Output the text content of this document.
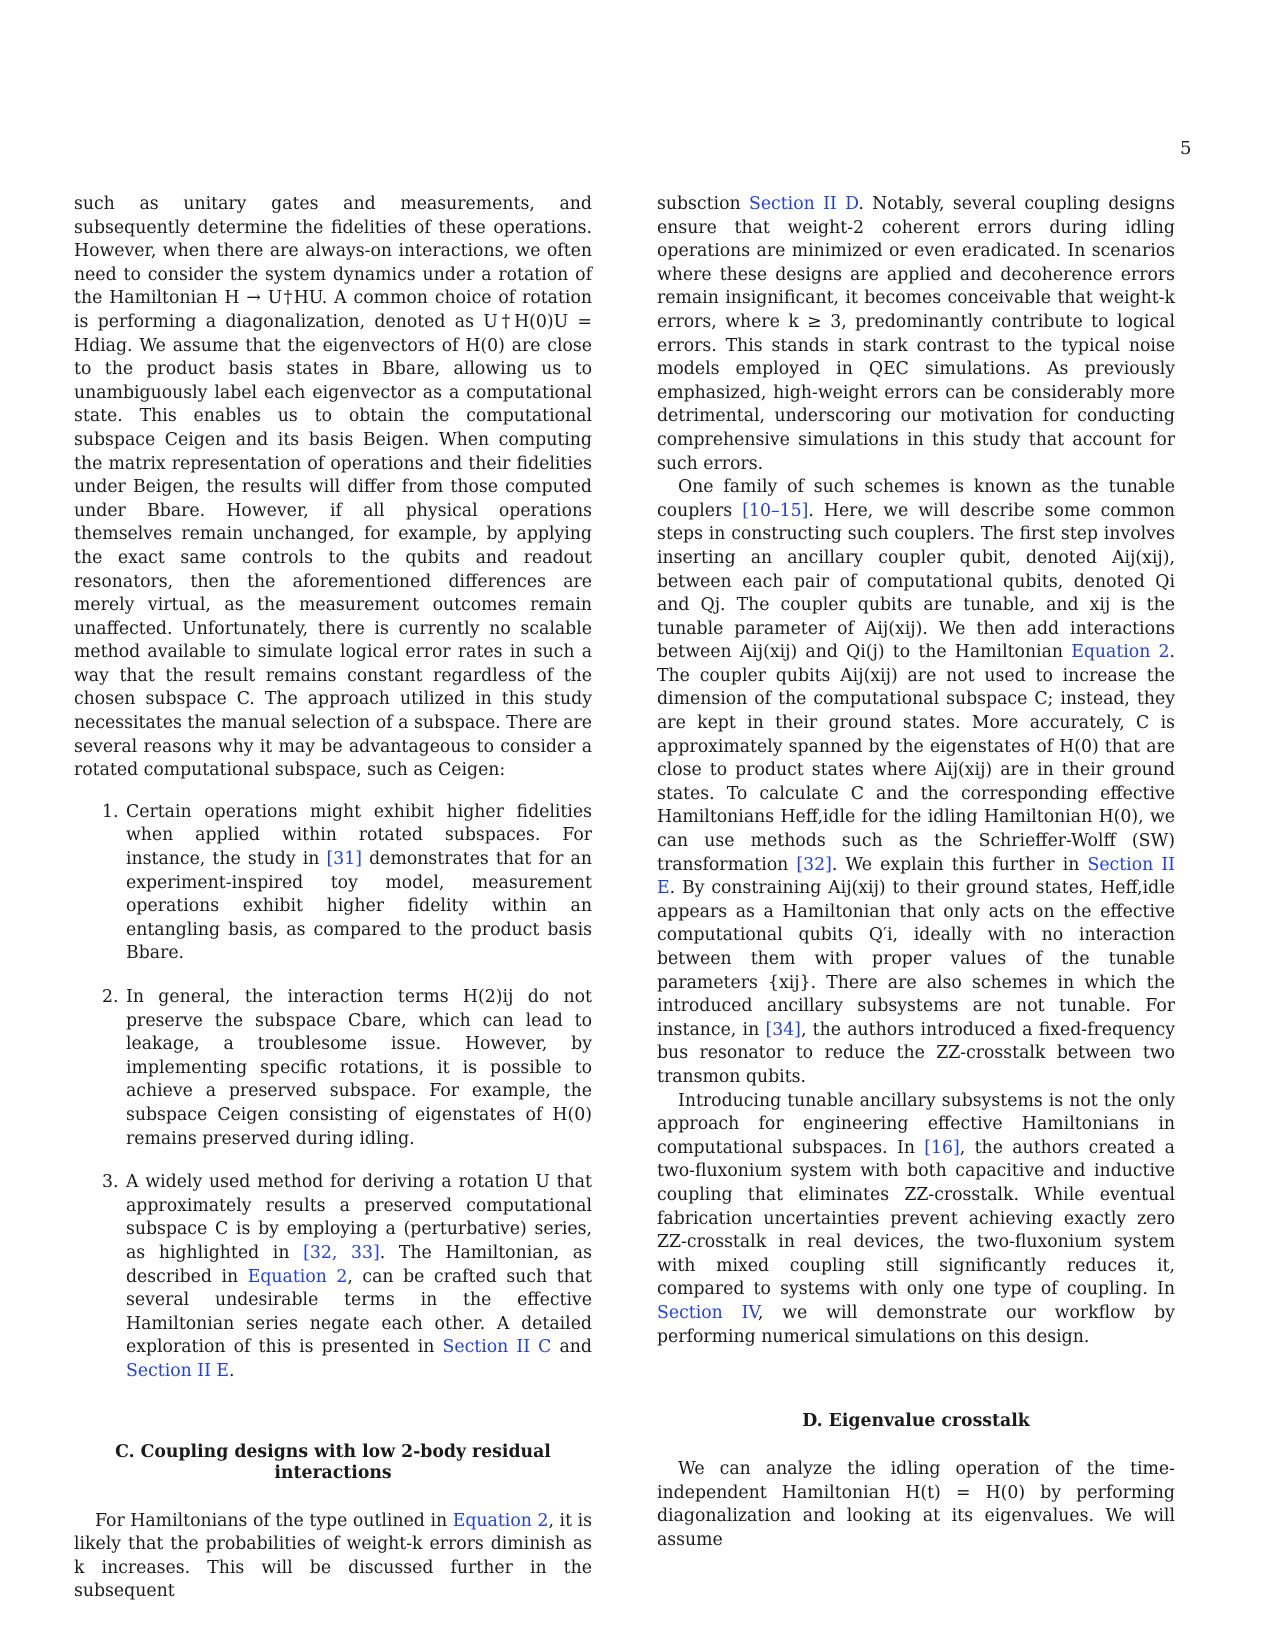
5

such as unitary gates and measurements, and subsequently determine the fidelities of these operations. However, when there are always-on interactions, we often need to consider the system dynamics under a rotation of the Hamiltonian H → U†HU. A common choice of rotation is performing a diagonalization, denoted as U†H(0)U = Hdiag. We assume that the eigenvectors of H(0) are close to the product basis states in Bbare, allowing us to unambiguously label each eigenvector as a computational state. This enables us to obtain the computational subspace Ceigen and its basis Beigen. When computing the matrix representation of operations and their fidelities under Beigen, the results will differ from those computed under Bbare. However, if all physical operations themselves remain unchanged, for example, by applying the exact same controls to the qubits and readout resonators, then the aforementioned differences are merely virtual, as the measurement outcomes remain unaffected. Unfortunately, there is currently no scalable method available to simulate logical error rates in such a way that the result remains constant regardless of the chosen subspace C. The approach utilized in this study necessitates the manual selection of a subspace. There are several reasons why it may be advantageous to consider a rotated computational subspace, such as Ceigen:

1. Certain operations might exhibit higher fidelities when applied within rotated subspaces. For instance, the study in [31] demonstrates that for an experiment-inspired toy model, measurement operations exhibit higher fidelity within an entangling basis, as compared to the product basis Bbare.
2. In general, the interaction terms H(2)ij do not preserve the subspace Cbare, which can lead to leakage, a troublesome issue. However, by implementing specific rotations, it is possible to achieve a preserved subspace. For example, the subspace Ceigen consisting of eigenstates of H(0) remains preserved during idling.
3. A widely used method for deriving a rotation U that approximately results a preserved computational subspace C is by employing a (perturbative) series, as highlighted in [32, 33]. The Hamiltonian, as described in Equation 2, can be crafted such that several undesirable terms in the effective Hamiltonian series negate each other. A detailed exploration of this is presented in Section II C and Section II E.
C. Coupling designs with low 2-body residual interactions

For Hamiltonians of the type outlined in Equation 2, it is likely that the probabilities of weight-k errors diminish as k increases. This will be discussed further in the subsequent

subsction Section II D. Notably, several coupling designs ensure that weight-2 coherent errors during idling operations are minimized or even eradicated. In scenarios where these designs are applied and decoherence errors remain insignificant, it becomes conceivable that weight-k errors, where k ≥ 3, predominantly contribute to logical errors. This stands in stark contrast to the typical noise models employed in QEC simulations. As previously emphasized, high-weight errors can be considerably more detrimental, underscoring our motivation for conducting comprehensive simulations in this study that account for such errors.

One family of such schemes is known as the tunable couplers [10–15]. Here, we will describe some common steps in constructing such couplers. The first step involves inserting an ancillary coupler qubit, denoted Aij(xij), between each pair of computational qubits, denoted Qi and Qj. The coupler qubits are tunable, and xij is the tunable parameter of Aij(xij). We then add interactions between Aij(xij) and Qi(j) to the Hamiltonian Equation 2. The coupler qubits Aij(xij) are not used to increase the dimension of the computational subspace C; instead, they are kept in their ground states. More accurately, C is approximately spanned by the eigenstates of H(0) that are close to product states where Aij(xij) are in their ground states. To calculate C and the corresponding effective Hamiltonians Heff,idle for the idling Hamiltonian H(0), we can use methods such as the Schrieffer-Wolff (SW) transformation [32]. We explain this further in Section II E. By constraining Aij(xij) to their ground states, Heff,idle appears as a Hamiltonian that only acts on the effective computational qubits Q′i, ideally with no interaction between them with proper values of the tunable parameters {xij}. There are also schemes in which the introduced ancillary subsystems are not tunable. For instance, in [34], the authors introduced a fixed-frequency bus resonator to reduce the ZZ-crosstalk between two transmon qubits.

Introducing tunable ancillary subsystems is not the only approach for engineering effective Hamiltonians in computational subspaces. In [16], the authors created a two-fluxonium system with both capacitive and inductive coupling that eliminates ZZ-crosstalk. While eventual fabrication uncertainties prevent achieving exactly zero ZZ-crosstalk in real devices, the two-fluxonium system with mixed coupling still significantly reduces it, compared to systems with only one type of coupling. In Section IV, we will demonstrate our workflow by performing numerical simulations on this design.

D. Eigenvalue crosstalk

We can analyze the idling operation of the time-independent Hamiltonian H(t) = H(0) by performing diagonalization and looking at its eigenvalues. We will assume
